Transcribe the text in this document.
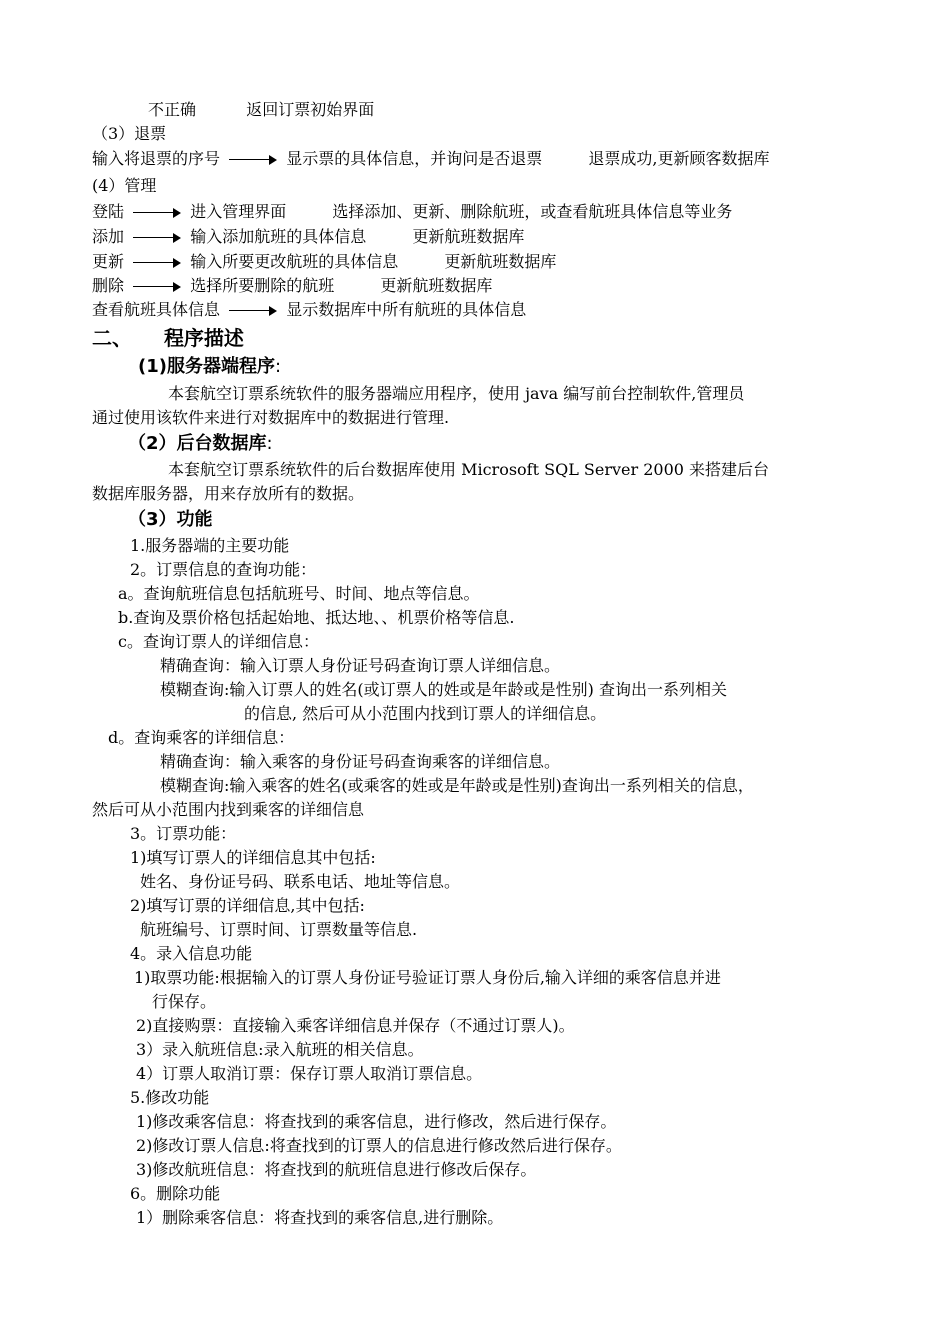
不正确	返回订票初始界面
（3）退票
输入将退票的序号	显示票的具体信息，并询问是否退票	退票成功,更新顾客数据库
(4）管理
登陆	进入管理界面	选择添加、更新、删除航班，或查看航班具体信息等业务
添加	输入添加航班的具体信息	更新航班数据库
更新	输入所要更改航班的具体信息	更新航班数据库
删除	选择所要删除的航班	更新航班数据库
查看航班具体信息	显示数据库中所有航班的具体信息
二、 程序描述
(1)服务器端程序:
本套航空订票系统软件的服务器端应用程序，使用 java 编写前台控制软件,管理员
通过使用该软件来进行对数据库中的数据进行管理.
（2）后台数据库:
本套航空订票系统软件的后台数据库使用 Microsoft SQL Server 2000 来搭建后台
数据库服务器，用来存放所有的数据。
（3）功能
1.服务器端的主要功能
2。订票信息的查询功能：
a。查询航班信息包括航班号、时间、地点等信息。
b.查询及票价格包括起始地、抵达地、、机票价格等信息.
c。查询订票人的详细信息：
精确查询：输入订票人身份证号码查询订票人详细信息。
模糊查询:输入订票人的姓名(或订票人的姓或是年龄或是性别) 查询出一系列相关
的信息, 然后可从小范围内找到订票人的详细信息。
d。查询乘客的详细信息：
精确查询：输入乘客的身份证号码查询乘客的详细信息。
模糊查询:输入乘客的姓名(或乘客的姓或是年龄或是性别)查询出一系列相关的信息，
然后可从小范围内找到乘客的详细信息
3。订票功能：
1)填写订票人的详细信息其中包括:
姓名、身份证号码、联系电话、地址等信息。
2)填写订票的详细信息,其中包括:
航班编号、订票时间、订票数量等信息.
4。录入信息功能
1)取票功能:根据输入的订票人身份证号验证订票人身份后,输入详细的乘客信息并进
行保存。
2)直接购票：直接输入乘客详细信息并保存（不通过订票人)。
3）录入航班信息:录入航班的相关信息。
4）订票人取消订票：保存订票人取消订票信息。
5.修改功能
1)修改乘客信息：将查找到的乘客信息，进行修改，然后进行保存。
2)修改订票人信息:将查找到的订票人的信息进行修改然后进行保存。
3)修改航班信息：将查找到的航班信息进行修改后保存。
6。删除功能
1）删除乘客信息：将查找到的乘客信息,进行删除。
